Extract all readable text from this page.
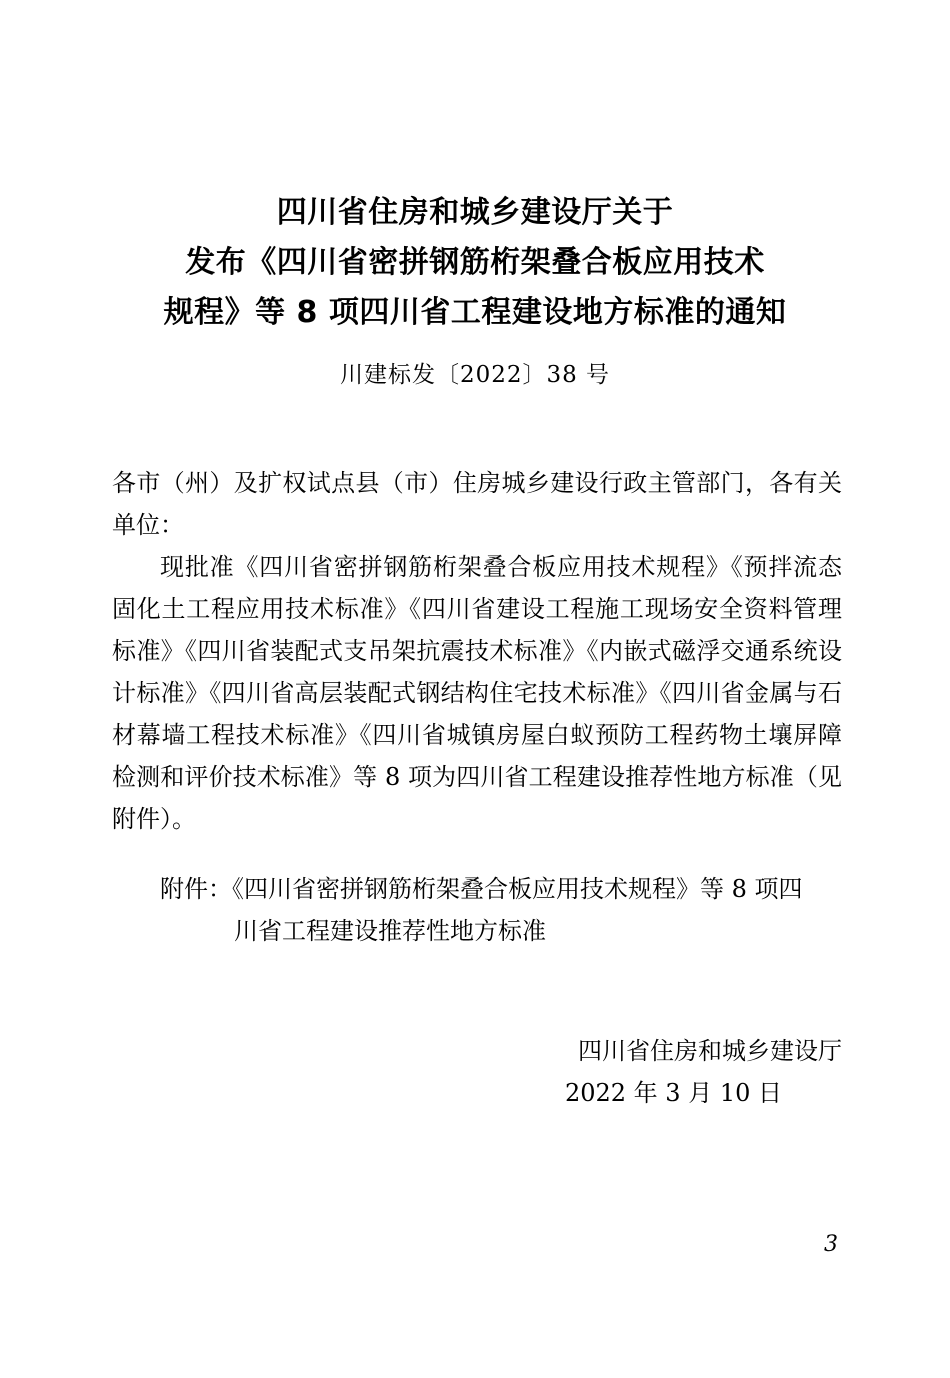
四川省住房和城乡建设厅关于
发布《四川省密拼钢筋桁架叠合板应用技术
规程》等 8 项四川省工程建设地方标准的通知
川建标发〔2022〕38 号

各市（州）及扩权试点县（市）住房城乡建设行政主管部门，各有关单位：

现批准《四川省密拼钢筋桁架叠合板应用技术规程》《预拌流态固化土工程应用技术标准》《四川省建设工程施工现场安全资料管理标准》《四川省装配式支吊架抗震技术标准》《内嵌式磁浮交通系统设计标准》《四川省高层装配式钢结构住宅技术标准》《四川省金属与石材幕墙工程技术标准》《四川省城镇房屋白蚁预防工程药物土壤屏障检测和评价技术标准》等 8 项为四川省工程建设推荐性地方标准（见附件）。

附件：《四川省密拼钢筋桁架叠合板应用技术规程》等 8 项四

川省工程建设推荐性地方标准

四川省住房和城乡建设厅
2022 年 3 月 10 日
3
